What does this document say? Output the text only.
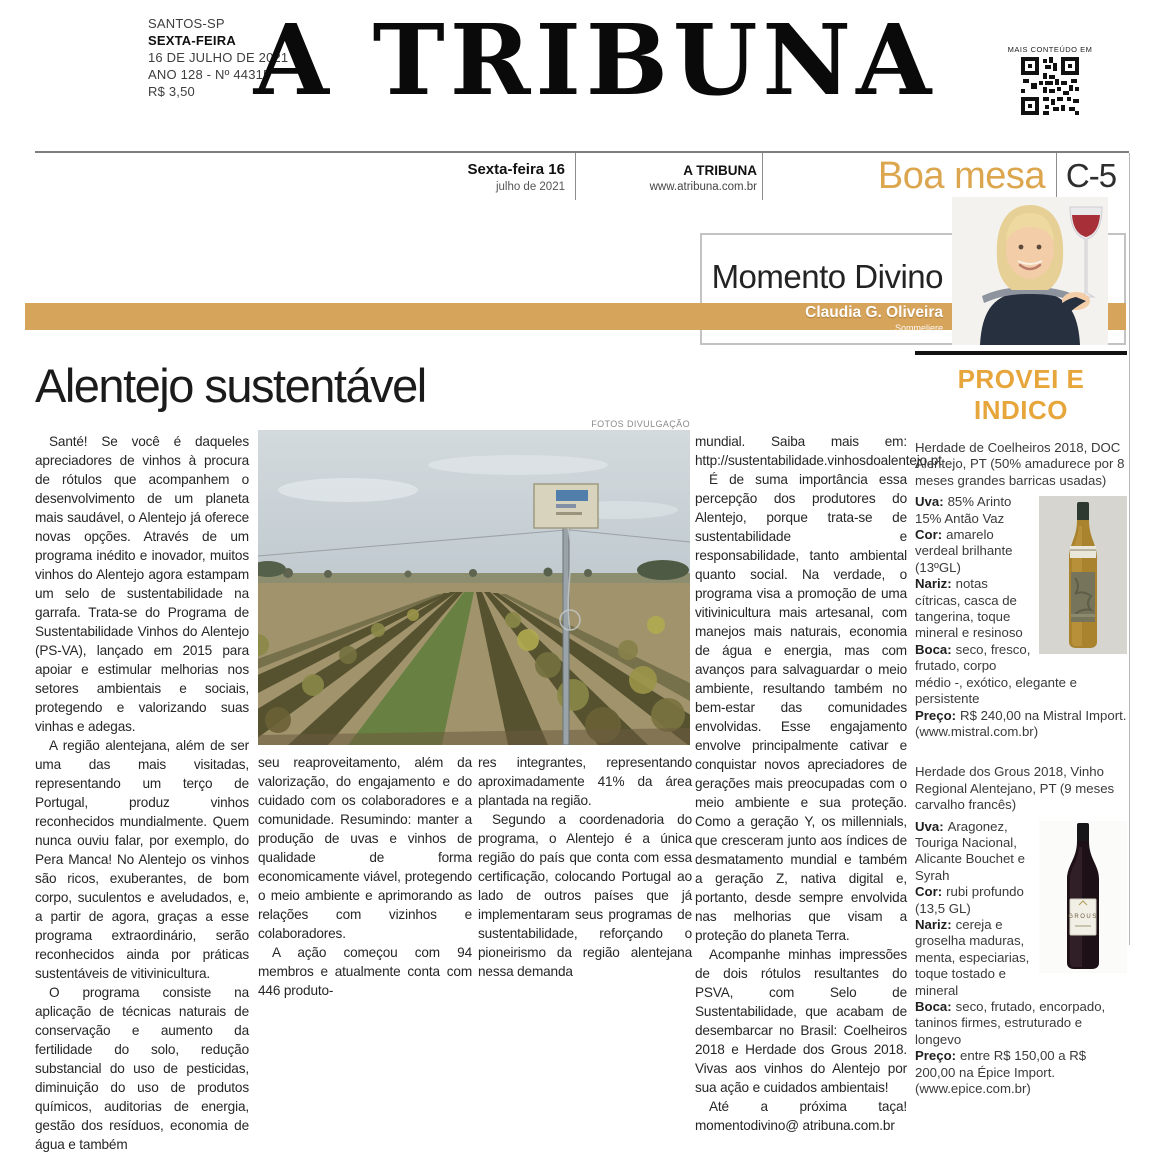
SANTOS-SP
SEXTA-FEIRA
16 DE JULHO DE 2021
ANO 128 - Nº 44315
R$ 3,50 A TRIBUNA	MAIS CONTEÚDO EM
Sexta-feira 16
julho de 2021
A TRIBUNA
www.atribuna.com.br	Boa mesa C-5
Momento Divino
Claudia G. Oliveira
Sommeliere
Alentejo sustentável
FOTOS DIVULGAÇÃO

Santé! Se você é daqueles apreciadores de vinhos à procura de rótulos que acompanhem o desenvolvimento de um planeta mais saudável, o Alentejo já oferece novas opções. Através de um programa inédito e inovador, muitos vinhos do Alentejo agora estampam um selo de sustentabilidade na garrafa. Trata-se do Programa de Sustentabilidade Vinhos do Alentejo (PS-VA), lançado em 2015 para apoiar e estimular melhorias nos setores ambientais e sociais, protegendo e valorizando suas vinhas e adegas.

A região alentejana, além de ser uma das mais visitadas, representando um terço de Portugal, produz vinhos reconhecidos mundialmente. Quem nunca ouviu falar, por exemplo, do Pera Manca! No Alentejo os vinhos são ricos, exuberantes, de bom corpo, suculentos e aveludados, e, a partir de agora, graças a esse programa extraordinário, serão reconhecidos ainda por práticas sustentáveis de vitivinicultura.

O programa consiste na aplicação de técnicas naturais de conservação e aumento da fertilidade do solo, redução substancial do uso de pesticidas, diminuição do uso de produtos químicos, auditorias de energia, gestão dos resíduos, economia de água e também

seu reaproveitamento, além da valorização, do engajamento e do cuidado com os colaboradores e a comunidade. Resumindo: manter a produção de uvas e vinhos de qualidade de forma economicamente viável, protegendo o meio ambiente e aprimorando as relações com vizinhos e colaboradores.

A ação começou com 94 membros e atualmente conta com 446 produto-

res integrantes, representando aproximadamente 41% da área plantada na região.

Segundo a coordenadoria do programa, o Alentejo é a única região do país que conta com essa certificação, colocando Portugal ao lado de outros países que já implementaram seus programas de sustentabilidade, reforçando o pioneirismo da região alentejana nessa demanda

mundial. Saiba mais em: http://sustentabilidade.vinhosdoalentejo.pt

É de suma importância essa percepção dos produtores do Alentejo, porque trata-se de sustentabilidade e responsabilidade, tanto ambiental quanto social. Na verdade, o programa visa a promoção de uma vitivinicultura mais artesanal, com manejos mais naturais, economia de água e energia, mas com avanços para salvaguardar o meio ambiente, resultando também no bem-estar das comunidades envolvidas. Esse engajamento envolve principalmente cativar e conquistar novos apreciadores de gerações mais preocupadas com o meio ambiente e sua proteção. Como a geração Y, os millennials, que cresceram junto aos índices de desmatamento mundial e também a geração Z, nativa digital e, portanto, desde sempre envolvida nas melhorias que visam a proteção do planeta Terra.

Acompanhe minhas impressões de dois rótulos resultantes do PSVA, com Selo de Sustentabilidade, que acabam de desembarcar no Brasil: Coelheiros 2018 e Herdade dos Grous 2018. Vivas aos vinhos do Alentejo por sua ação e cuidados ambientais!

Até a próxima taça! momentodivino@ atribuna.com.br

PROVEI E INDICO
Herdade de Coelheiros 2018, DOC Alentejo, PT (50% amadurece por 8 meses grandes barricas usadas)

Uva: 85% Arinto 15% Antão Vaz

Cor: amarelo verdeal brilhante (13ºGL)

Nariz: notas cítricas, casca de tangerina, toque mineral e resinoso

Boca: seco, fresco, frutado, corpo médio -, exótico, elegante e persistente

Preço: R$ 240,00 na Mistral Import. (www.mistral.com.br)

Herdade dos Grous 2018, Vinho Regional Alentejano, PT (9 meses carvalho francês)
GROUS

Uva: Aragonez, Touriga Nacional, Alicante Bouchet e Syrah

Cor: rubi profundo (13,5 GL)

Nariz: cereja e groselha maduras, menta, especiarias, toque tostado e mineral

Boca: seco, frutado, encorpado, taninos firmes, estruturado e longevo

Preço: entre R$ 150,00 a R$ 200,00 na Épice Import. (www.epice.com.br)
